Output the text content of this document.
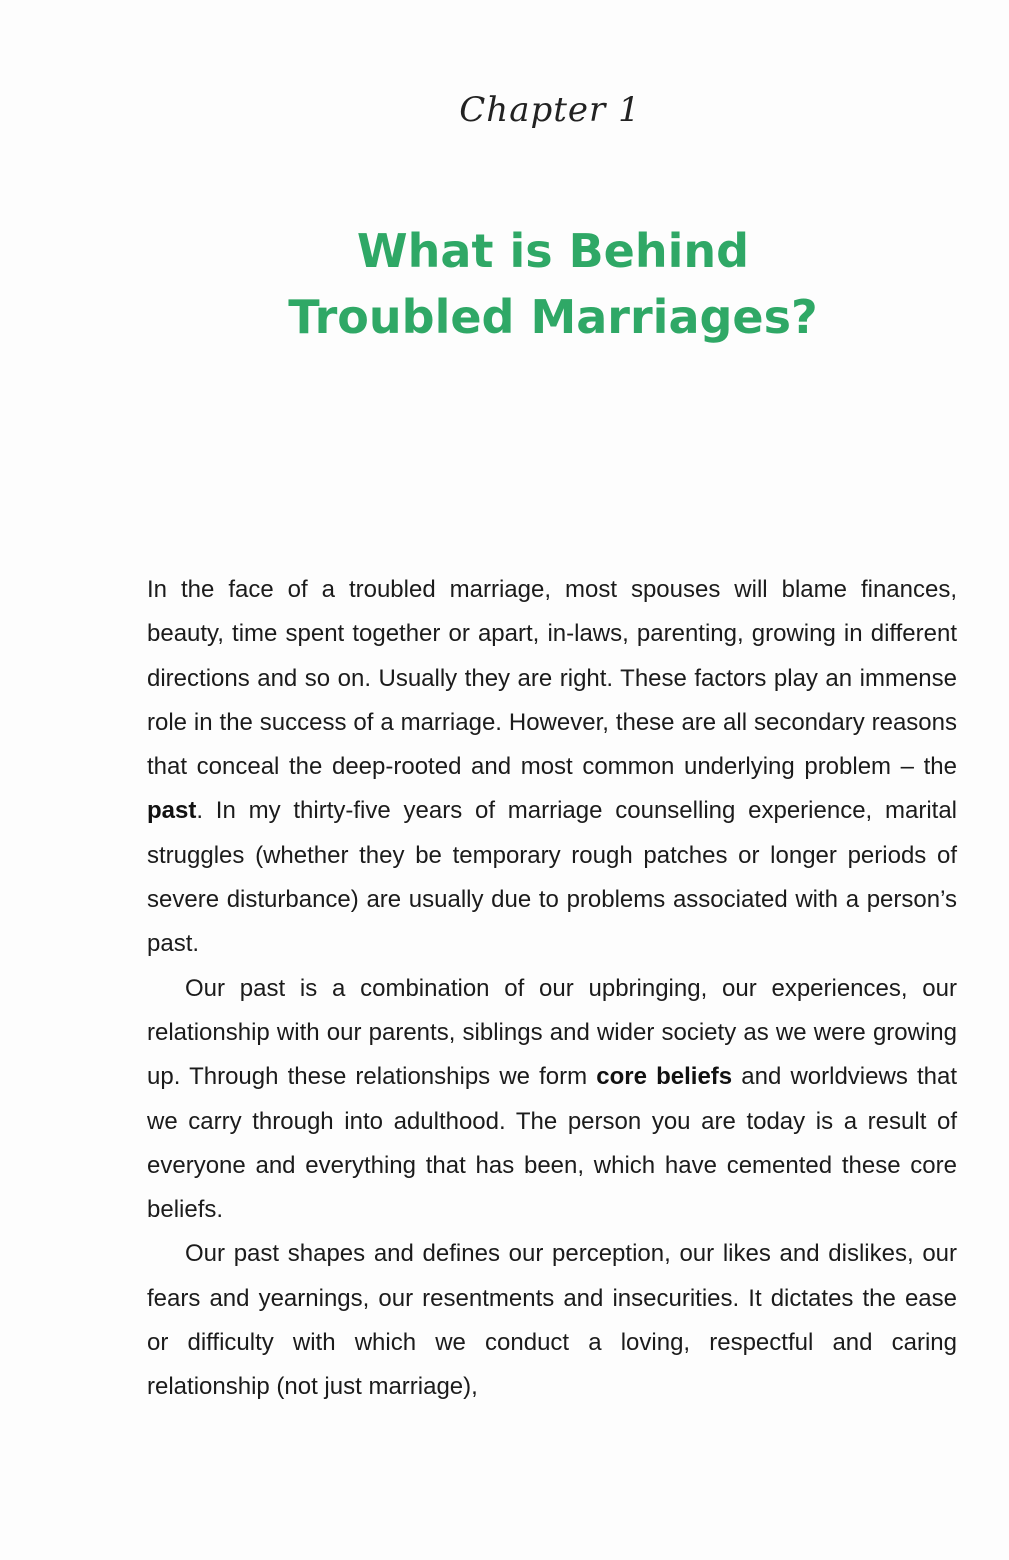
Chapter 1
What is Behind
Troubled Marriages?

In the face of a troubled marriage, most spouses will blame finances, beauty, time spent together or apart, in-laws, parenting, growing in different directions and so on. Usually they are right. These factors play an immense role in the success of a marriage. However, these are all secondary reasons that conceal the deep-rooted and most common underlying problem – the past. In my thirty-five years of marriage counselling experience, marital struggles (whether they be temporary rough patches or longer periods of severe disturbance) are usually due to problems associated with a person’s past.

Our past is a combination of our upbringing, our experiences, our relationship with our parents, siblings and wider society as we were growing up. Through these relationships we form core beliefs and worldviews that we carry through into adulthood. The person you are today is a result of everyone and everything that has been, which have cemented these core beliefs.

Our past shapes and defines our perception, our likes and dislikes, our fears and yearnings, our resentments and insecurities. It dictates the ease or difficulty with which we conduct a loving, respectful and caring relationship (not just marriage),
